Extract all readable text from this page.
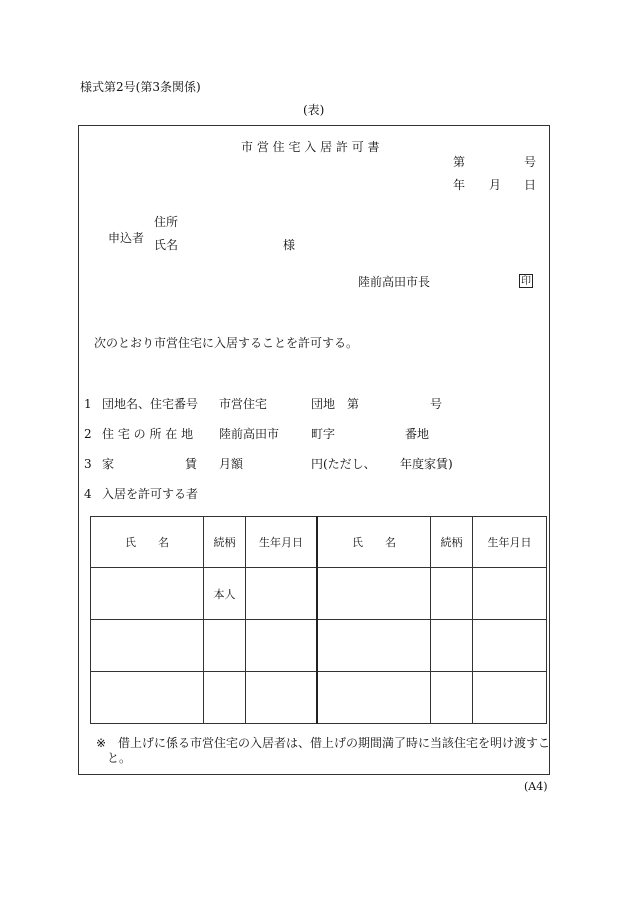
様式第2号(第3条関係)
(表)
市 営 住 宅 入 居 許 可 書
第	号
年 月 日
申込者
住所
氏名	様
陸前高田市長	印
次のとおり市営住宅に入居することを許可する。
1 団地名、住宅番号 市営住宅	団地　第	号
2 住 宅 の 所 在 地 陸前高田市	町字	番地
3 家	賃 月額	円(ただし、 年度家賃)
4 入居を許可する者
氏　　名	続柄	生年月日	氏　　名	続柄	生年月日
	本人				

※ 借上げに係る市営住宅の入居者は、借上げの期間満了時に当該住宅を明け渡すこ
と。
(A4)
